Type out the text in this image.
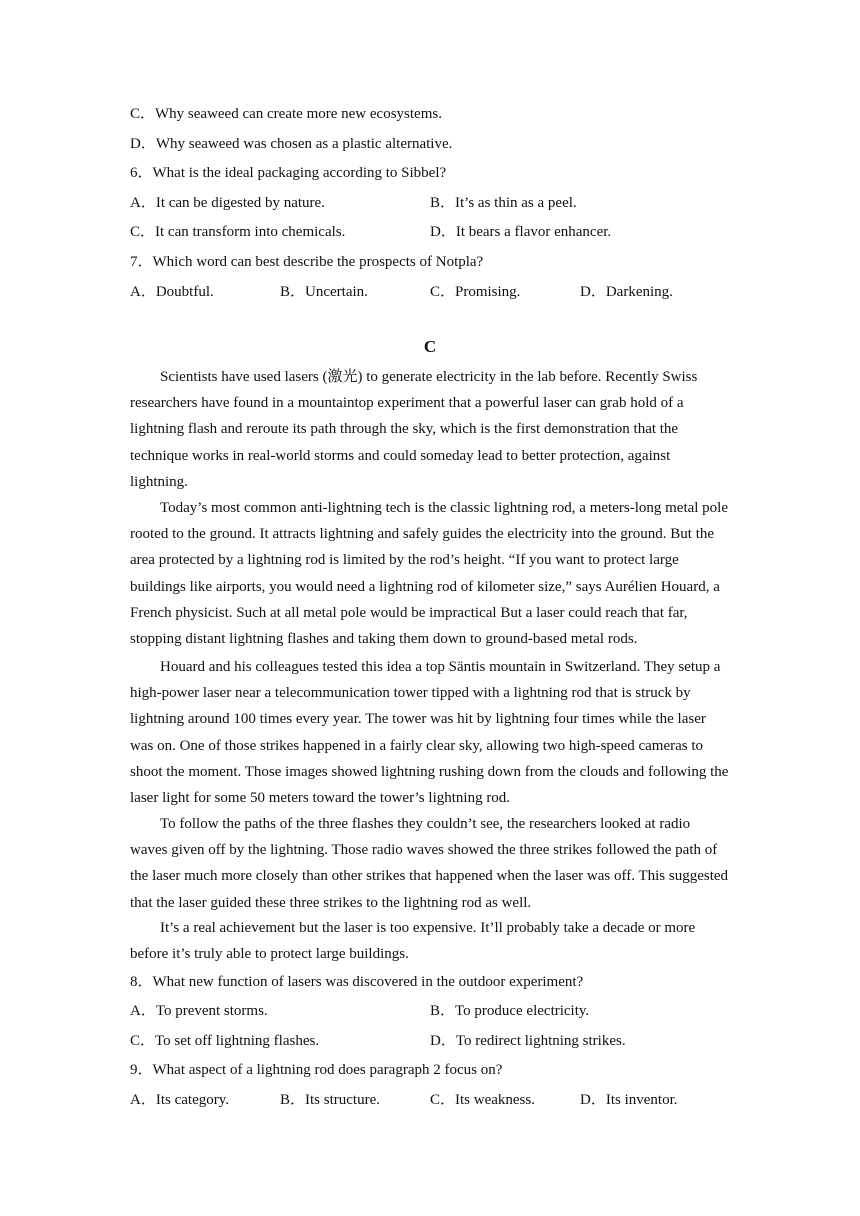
C．Why seaweed can create more new ecosystems.
D．Why seaweed was chosen as a plastic alternative.
6．What is the ideal packaging according to Sibbel?
A．It can be digested by nature.	B．It’s as thin as a peel.
C．It can transform into chemicals.	D．It bears a flavor enhancer.
7．Which word can best describe the prospects of Notpla?
A．Doubtful.	B．Uncertain.	C．Promising.	D．Darkening.
C

Scientists have used lasers (激光) to generate electricity in the lab before. Recently Swiss researchers have found in a mountaintop experiment that a powerful laser can grab hold of a lightning flash and reroute its path through the sky, which is the first demonstration that the technique works in real-world storms and could someday lead to better protection, against lightning.

Today’s most common anti-lightning tech is the classic lightning rod, a meters-long metal pole rooted to the ground. It attracts lightning and safely guides the electricity into the ground. But the area protected by a lightning rod is limited by the rod’s height. “If you want to protect large buildings like airports, you would need a lightning rod of kilometer size,” says Aurélien Houard, a French physicist. Such at all metal pole would be impractical But a laser could reach that far, stopping distant lightning flashes and taking them down to ground-based metal rods.

Houard and his colleagues tested this idea a top Säntis mountain in Switzerland. They setup a high-power laser near a telecommunication tower tipped with a lightning rod that is struck by lightning around 100 times every year. The tower was hit by lightning four times while the laser was on. One of those strikes happened in a fairly clear sky, allowing two high-speed cameras to shoot the moment. Those images showed lightning rushing down from the clouds and following the laser light for some 50 meters toward the tower’s lightning rod.

To follow the paths of the three flashes they couldn’t see, the researchers looked at radio waves given off by the lightning. Those radio waves showed the three strikes followed the path of the laser much more closely than other strikes that happened when the laser was off. This suggested that the laser guided these three strikes to the lightning rod as well.

It’s a real achievement but the laser is too expensive. It’ll probably take a decade or more before it’s truly able to protect large buildings.

8．What new function of lasers was discovered in the outdoor experiment?
A．To prevent storms.	B．To produce electricity.
C．To set off lightning flashes.	D．To redirect lightning strikes.
9．What aspect of a lightning rod does paragraph 2 focus on?
A．Its category.	B．Its structure.	C．Its weakness.	D．Its inventor.
